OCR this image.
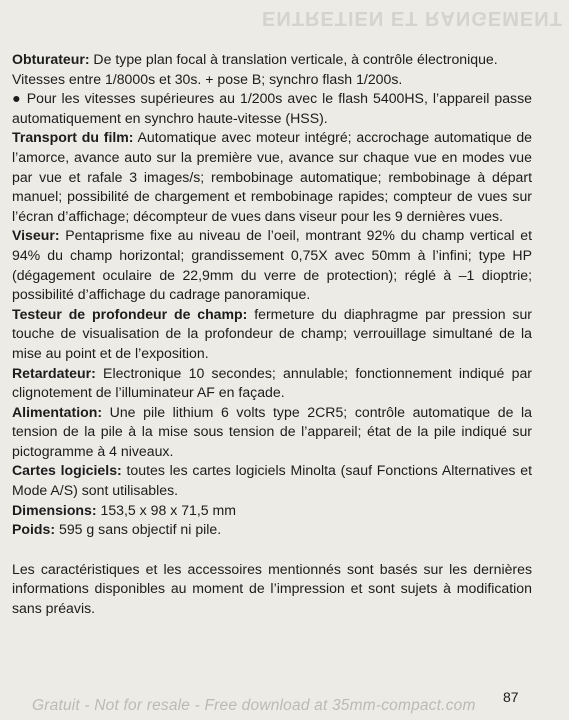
ENTRETIEN ET RANGEMENT

Obturateur: De type plan focal à translation verticale, à contrôle électronique.

Vitesses entre 1/8000s et 30s. + pose B; synchro flash 1/200s.

● Pour les vitesses supérieures au 1/200s avec le flash 5400HS, l’appareil passe automatiquement en synchro haute-vitesse (HSS).

Transport du film: Automatique avec moteur intégré; accrochage automatique de l’amorce, avance auto sur la première vue, avance sur chaque vue en modes vue par vue et rafale 3 images/s; rembobinage automatique; rembobinage à départ manuel; possibilité de chargement et rembobinage rapides; compteur de vues sur l’écran d’affichage; décompteur de vues dans viseur pour les 9 dernières vues.

Viseur: Pentaprisme fixe au niveau de l’oeil, montrant 92% du champ vertical et 94% du champ horizontal; grandissement 0,75X avec 50mm à l’infini; type HP (dégagement oculaire de 22,9mm du verre de protection); réglé à –1 dioptrie; possibilité d’affichage du cadrage panoramique.

Testeur de profondeur de champ: fermeture du diaphragme par pression sur touche de visualisation de la profondeur de champ; verrouillage simultané de la mise au point et de l’exposition.

Retardateur: Electronique 10 secondes; annulable; fonctionnement indiqué par clignotement de l’illuminateur AF en façade.

Alimentation: Une pile lithium 6 volts type 2CR5; contrôle automatique de la tension de la pile à la mise sous tension de l’appareil; état de la pile indiqué sur pictogramme à 4 niveaux.

Cartes logiciels: toutes les cartes logiciels Minolta (sauf Fonctions Alternatives et Mode A/S) sont utilisables.

Dimensions: 153,5 x 98 x 71,5 mm

Poids: 595 g sans objectif ni pile.

Les caractéristiques et les accessoires mentionnés sont basés sur les dernières informations disponibles au moment de l’impression et sont sujets à modification sans préavis.

87
Gratuit - Not for resale - Free download at 35mm-compact.com
